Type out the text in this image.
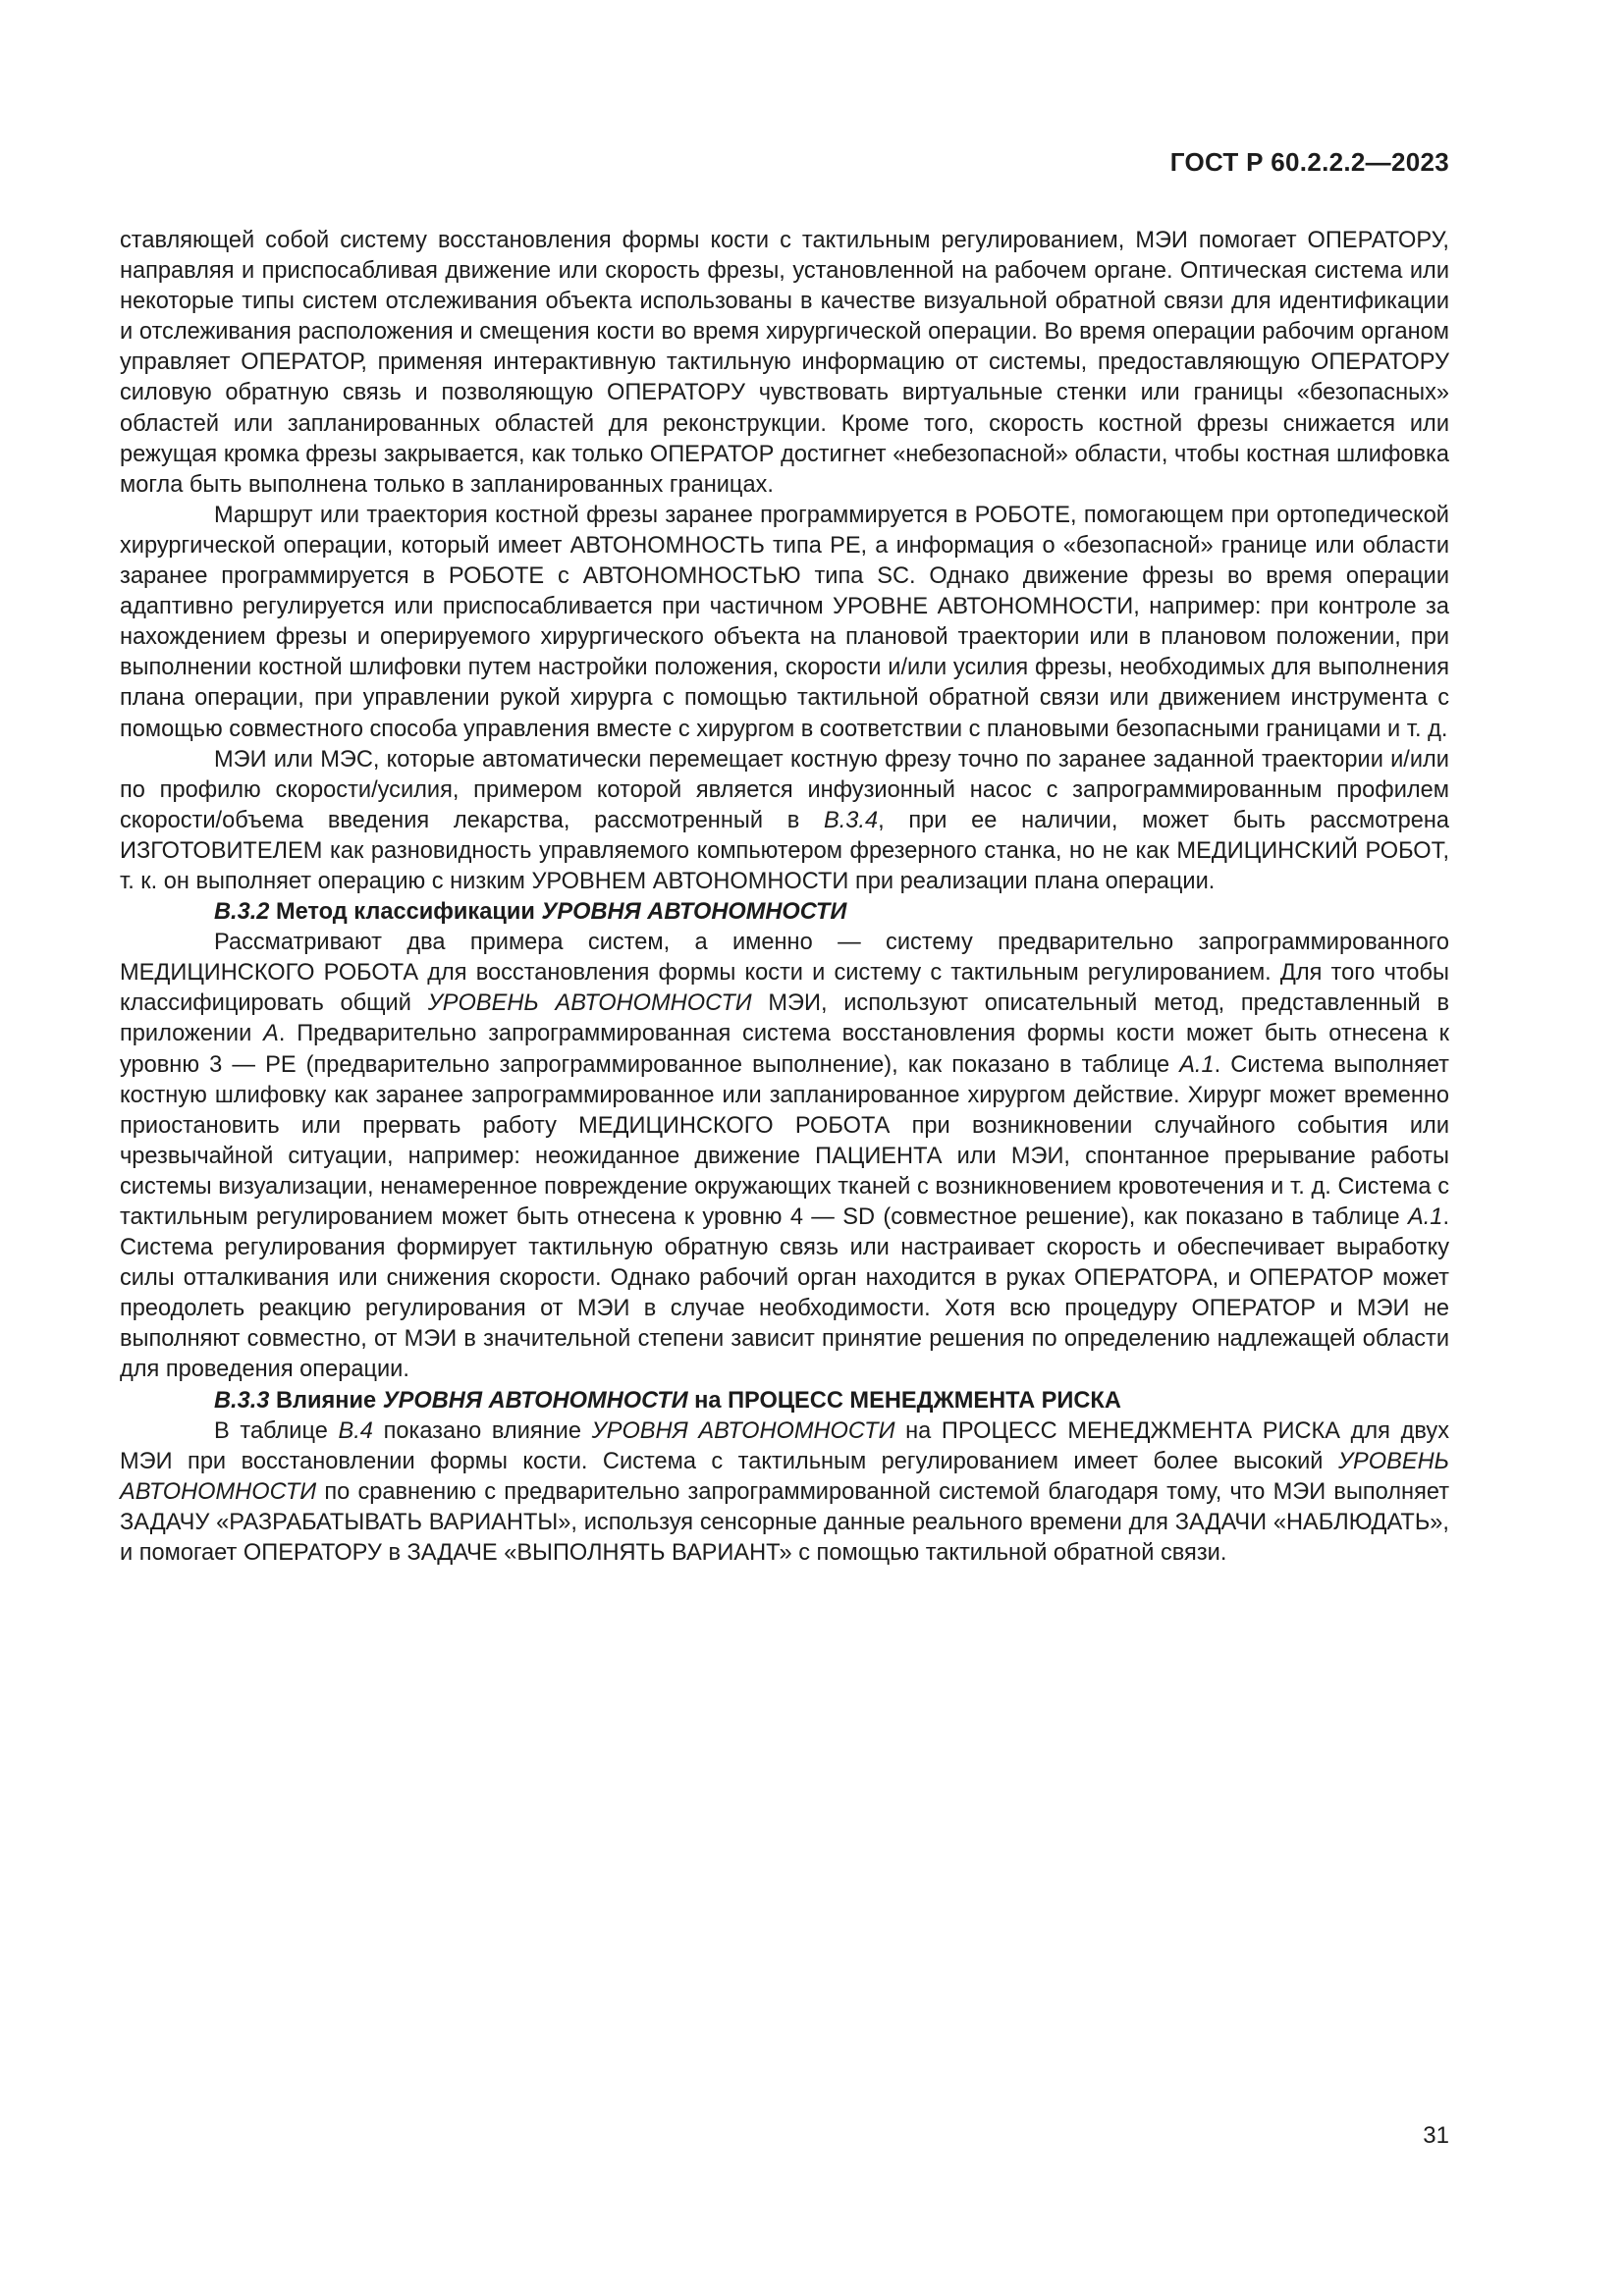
ГОСТ Р 60.2.2.2—2023

ставляющей собой систему восстановления формы кости с тактильным регулированием, МЭИ помогает ОПЕРАТОРУ, направляя и приспосабливая движение или скорость фрезы, установленной на рабочем органе. Оптическая система или некоторые типы систем отслеживания объекта использованы в качестве визуальной обратной связи для идентификации и отслеживания расположения и смещения кости во время хирургической операции. Во время операции рабочим органом управляет ОПЕРАТОР, применяя интерактивную тактильную информацию от системы, предоставляющую ОПЕРАТОРУ силовую обратную связь и позволяющую ОПЕРАТОРУ чувствовать виртуальные стенки или границы «безопасных» областей или запланированных областей для реконструкции. Кроме того, скорость костной фрезы снижается или режущая кромка фрезы закрывается, как только ОПЕРАТОР достигнет «небезопасной» области, чтобы костная шлифовка могла быть выполнена только в запланированных границах.

Маршрут или траектория костной фрезы заранее программируется в РОБОТЕ, помогающем при ортопедической хирургической операции, который имеет АВТОНОМНОСТЬ типа РЕ, а информация о «безопасной» границе или области заранее программируется в РОБОТЕ с АВТОНОМНОСТЬЮ типа SC. Однако движение фрезы во время операции адаптивно регулируется или приспосабливается при частичном УРОВНЕ АВТОНОМНОСТИ, например: при контроле за нахождением фрезы и оперируемого хирургического объекта на плановой траектории или в плановом положении, при выполнении костной шлифовки путем настройки положения, скорости и/или усилия фрезы, необходимых для выполнения плана операции, при управлении рукой хирурга с помощью тактильной обратной связи или движением инструмента с помощью совместного способа управления вместе с хирургом в соответствии с плановыми безопасными границами и т. д.

МЭИ или МЭС, которые автоматически перемещает костную фрезу точно по заранее заданной траектории и/или по профилю скорости/усилия, примером которой является инфузионный насос с запрограммированным профилем скорости/объема введения лекарства, рассмотренный в В.3.4, при ее наличии, может быть рассмотрена ИЗГОТОВИТЕЛЕМ как разновидность управляемого компьютером фрезерного станка, но не как МЕДИЦИНСКИЙ РОБОТ, т. к. он выполняет операцию с низким УРОВНЕМ АВТОНОМНОСТИ при реализации плана операции.

В.3.2 Метод классификации УРОВНЯ АВТОНОМНОСТИ

Рассматривают два примера систем, а именно — систему предварительно запрограммированного МЕДИЦИНСКОГО РОБОТА для восстановления формы кости и систему с тактильным регулированием. Для того чтобы классифицировать общий УРОВЕНЬ АВТОНОМНОСТИ МЭИ, используют описательный метод, представленный в приложении А. Предварительно запрограммированная система восстановления формы кости может быть отнесена к уровню 3 — РЕ (предварительно запрограммированное выполнение), как показано в таблице А.1. Система выполняет костную шлифовку как заранее запрограммированное или запланированное хирургом действие. Хирург может временно приостановить или прервать работу МЕДИЦИНСКОГО РОБОТА при возникновении случайного события или чрезвычайной ситуации, например: неожиданное движение ПАЦИЕНТА или МЭИ, спонтанное прерывание работы системы визуализации, ненамеренное повреждение окружающих тканей с возникновением кровотечения и т. д. Система с тактильным регулированием может быть отнесена к уровню 4 — SD (совместное решение), как показано в таблице А.1. Система регулирования формирует тактильную обратную связь или настраивает скорость и обеспечивает выработку силы отталкивания или снижения скорости. Однако рабочий орган находится в руках ОПЕРАТОРА, и ОПЕРАТОР может преодолеть реакцию регулирования от МЭИ в случае необходимости. Хотя всю процедуру ОПЕРАТОР и МЭИ не выполняют совместно, от МЭИ в значительной степени зависит принятие решения по определению надлежащей области для проведения операции.

В.3.3 Влияние УРОВНЯ АВТОНОМНОСТИ на ПРОЦЕСС МЕНЕДЖМЕНТА РИСКА

В таблице В.4 показано влияние УРОВНЯ АВТОНОМНОСТИ на ПРОЦЕСС МЕНЕДЖМЕНТА РИСКА для двух МЭИ при восстановлении формы кости. Система с тактильным регулированием имеет более высокий УРОВЕНЬ АВТОНОМНОСТИ по сравнению с предварительно запрограммированной системой благодаря тому, что МЭИ выполняет ЗАДАЧУ «РАЗРАБАТЫВАТЬ ВАРИАНТЫ», используя сенсорные данные реального времени для ЗАДАЧИ «НАБЛЮДАТЬ», и помогает ОПЕРАТОРУ в ЗАДАЧЕ «ВЫПОЛНЯТЬ ВАРИАНТ» с помощью тактильной обратной связи.

31
